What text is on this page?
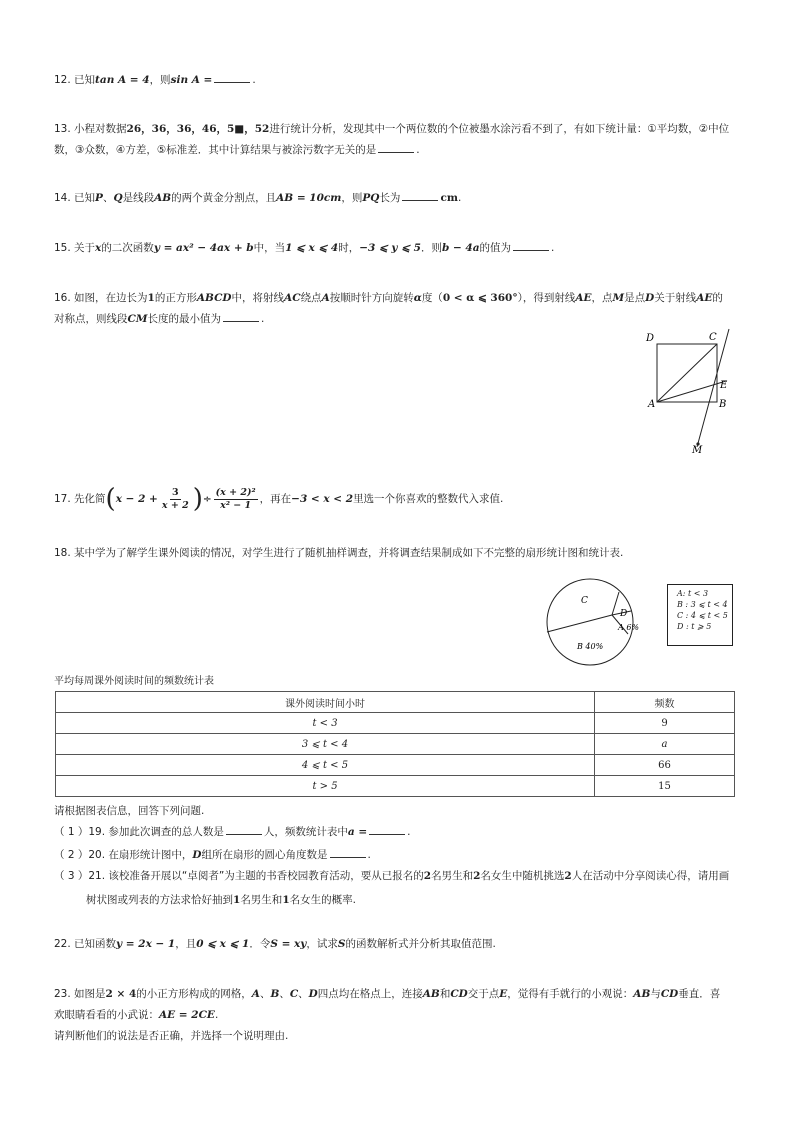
12. 已知tan A = 4，则sin A =	.
13. 小程对数据26，36，36，46，5■，52进行统计分析，发现其中一个两位数的个位被墨水涂污看不到了，有如下统计量：①平均数，②中位
数，③众数，④方差，⑤标准差．其中计算结果与被涂污数字无关的是	.
14. 已知P、Q是线段AB的两个黄金分割点，且AB = 10cm，则PQ长为	cm.
15. 关于x的二次函数y = ax² − 4ax + b中，当1 ⩽ x ⩽ 4时，−3 ⩽ y ⩽ 5．则b − 4a的值为	.
16. 如图，在边长为1的正方形ABCD中，将射线AC绕点A按顺时针方向旋转α度（0 < α ⩽ 360°），得到射线AE，点M是点D关于射线AE的
对称点，则线段CM长度的最小值为	.
D	C
E
A	B
M
17. 先化简 ( $x - 2 + \frac{3}{x + 2}$ ) ÷ $\frac{\text{(x + 2)²}}{\text{x² − 1}}$ ，再在 −3 < x < 2 里选一个你喜欢的整数代入求值.
18. 某中学为了解学生课外阅读的情况，对学生进行了随机抽样调查，并将调查结果制成如下不完整的扇形统计图和统计表.
C
D
A 6%
B 40%
A: t < 3
B : 3 ⩽ t < 4
C : 4 ⩽ t < 5
D : t ⩾ 5
平均每周课外阅读时间的频数统计表
课外阅读时间小时	频数
t < 3	9
3 ⩽ t < 4	a
4 ⩽ t < 5	66
t > 5	15
请根据图表信息，回答下列问题.
（ 1 ）19. 参加此次调查的总人数是	人，频数统计表中a =	.
（ 2 ）20. 在扇形统计图中，D组所在扇形的圆心角度数是	.
（ 3 ）21. 该校准备开展以“卓阅者”为主题的书香校园教育活动，要从已报名的2名男生和2名女生中随机挑选2人在活动中分享阅读心得，请用画
树状图或列表的方法求恰好抽到1名男生和1名女生的概率.
22. 已知函数y = 2x − 1，且0 ⩽ x ⩽ 1．令S = xy，试求S的函数解析式并分析其取值范围.
23. 如图是2 × 4的小正方形构成的网格，A、B、C、D四点均在格点上，连接AB和CD交于点E，觉得有手就行的小观说：AB与CD垂直．喜
欢眼睛看看的小武说：AE = 2CE.
请判断他们的说法是否正确，并选择一个说明理由.
